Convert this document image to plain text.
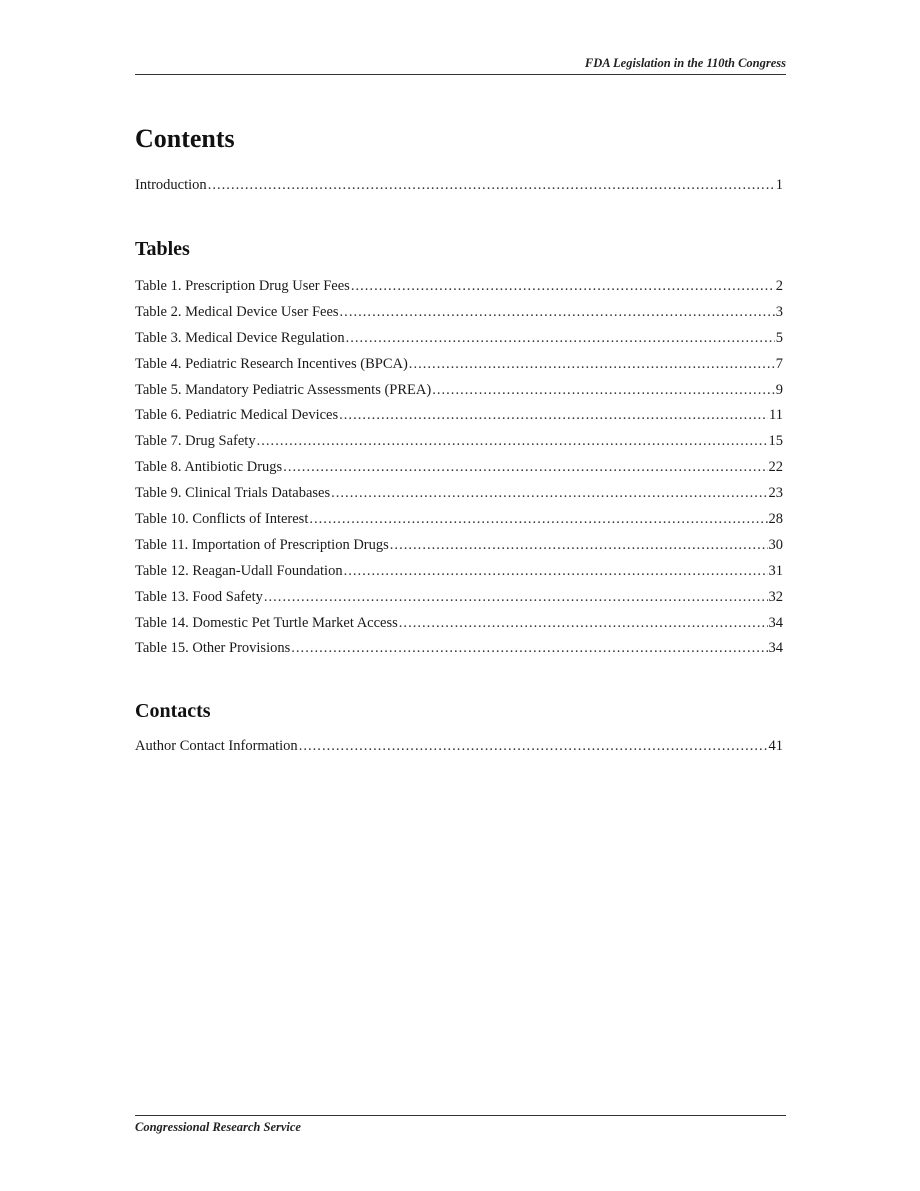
FDA Legislation in the 110th Congress
Contents
Introduction . . .	1
Tables
Table 1. Prescription Drug User Fees . . .	2
Table 2. Medical Device User Fees . . .	3
Table 3. Medical Device Regulation . . .	5
Table 4. Pediatric Research Incentives (BPCA) . . .	7
Table 5. Mandatory Pediatric Assessments (PREA) . . .	9
Table 6. Pediatric Medical Devices . . .	11
Table 7. Drug Safety . . .	15
Table 8. Antibiotic Drugs . . .	22
Table 9. Clinical Trials Databases . . .	23
Table 10. Conflicts of Interest . . .	28
Table 11. Importation of Prescription Drugs . . .	30
Table 12. Reagan-Udall Foundation . . .	31
Table 13. Food Safety . . .	32
Table 14. Domestic Pet Turtle Market Access . . .	34
Table 15. Other Provisions . . .	34
Contacts
Author Contact Information . . .	41
Congressional Research Service
